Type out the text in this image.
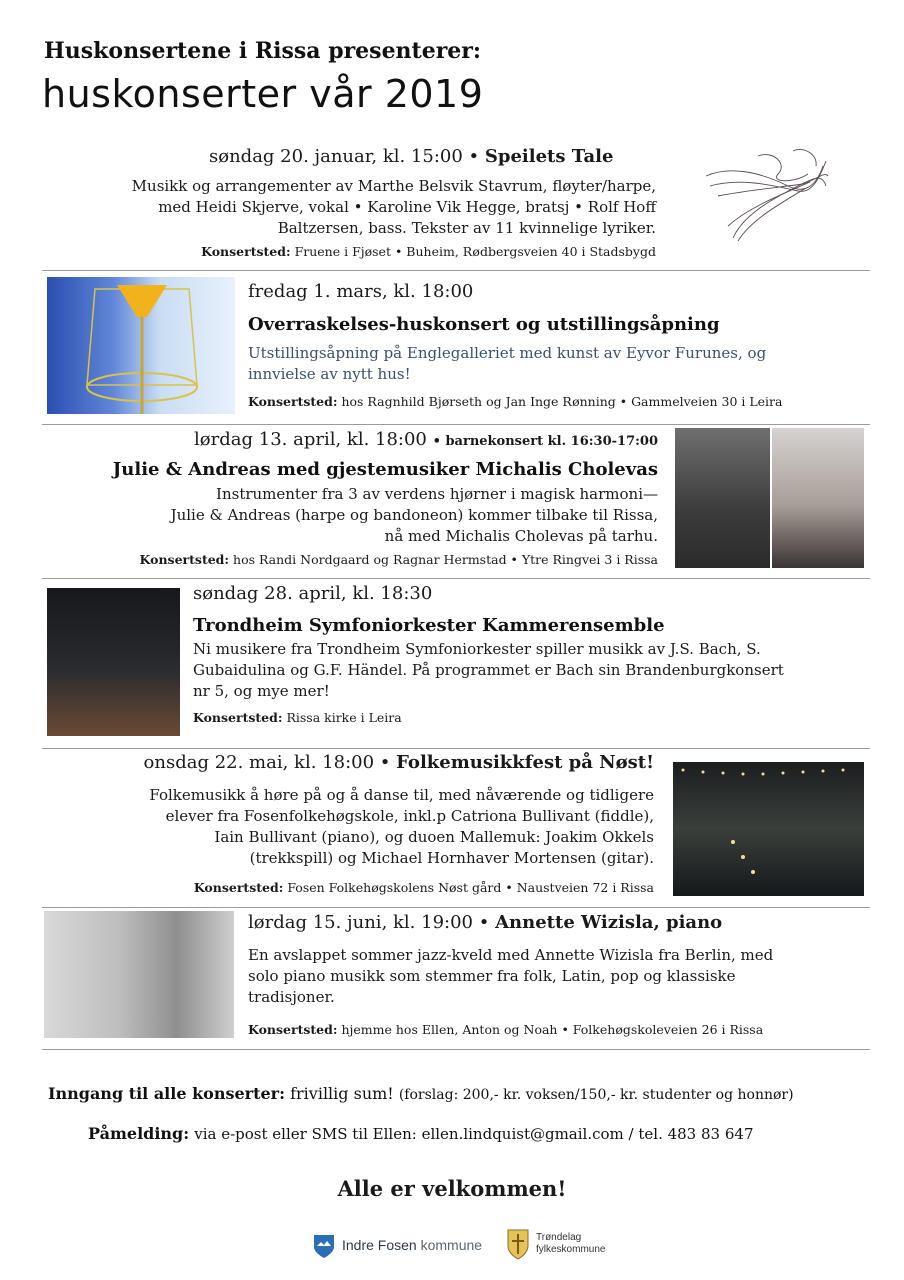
Huskonsertene i Rissa presenterer:
huskonserter vår 2019
søndag 20. januar, kl. 15:00 • Speilets Tale
Musikk og arrangementer av Marthe Belsvik Stavrum, fløyter/harpe,
med Heidi Skjerve, vokal • Karoline Vik Hegge, bratsj • Rolf Hoff
Baltzersen, bass. Tekster av 11 kvinnelige lyriker.
Konsertsted: Fruene i Fjøset • Buheim, Rødbergsveien 40 i Stadsbygd
fredag 1. mars, kl. 18:00
Overraskelses-huskonsert og utstillingsåpning
Utstillingsåpning på Englegalleriet med kunst av Eyvor Furunes, og
innvielse av nytt hus!
Konsertsted: hos Ragnhild Bjørseth og Jan Inge Rønning • Gammelveien 30 i Leira
lørdag 13. april, kl. 18:00 • barnekonsert kl. 16:30-17:00
Julie & Andreas med gjestemusiker Michalis Cholevas
Instrumenter fra 3 av verdens hjørner i magisk harmoni—
Julie & Andreas (harpe og bandoneon) kommer tilbake til Rissa,
nå med Michalis Cholevas på tarhu.
Konsertsted: hos Randi Nordgaard og Ragnar Hermstad • Ytre Ringvei 3 i Rissa
søndag 28. april, kl. 18:30
Trondheim Symfoniorkester Kammerensemble
Ni musikere fra Trondheim Symfoniorkester spiller musikk av J.S. Bach, S.
Gubaidulina og G.F. Händel. På programmet er Bach sin Brandenburgkonsert
nr 5, og mye mer!
Konsertsted: Rissa kirke i Leira
onsdag 22. mai, kl. 18:00 • Folkemusikkfest på Nøst!
Folkemusikk å høre på og å danse til, med nåværende og tidligere
elever fra Fosenfolkehøgskole, inkl.p Catriona Bullivant (fiddle),
Iain Bullivant (piano), og duoen Mallemuk: Joakim Okkels
(trekkspill) og Michael Hornhaver Mortensen (gitar).
Konsertsted: Fosen Folkehøgskolens Nøst gård • Naustveien 72 i Rissa
lørdag 15. juni, kl. 19:00 • Annette Wizisla, piano
En avslappet sommer jazz-kveld med Annette Wizisla fra Berlin, med
solo piano musikk som stemmer fra folk, Latin, pop og klassiske
tradisjoner.
Konsertsted: hjemme hos Ellen, Anton og Noah • Folkehøgskoleveien 26 i Rissa
Inngang til alle konserter: frivillig sum! (forslag: 200,- kr. voksen/150,- kr. studenter og honnør)
Påmelding: via e-post eller SMS til Ellen: ellen.lindquist@gmail.com / tel. 483 83 647
Alle er velkommen!
Indre Fosen kommune	Trøndelag
fylkeskommune
